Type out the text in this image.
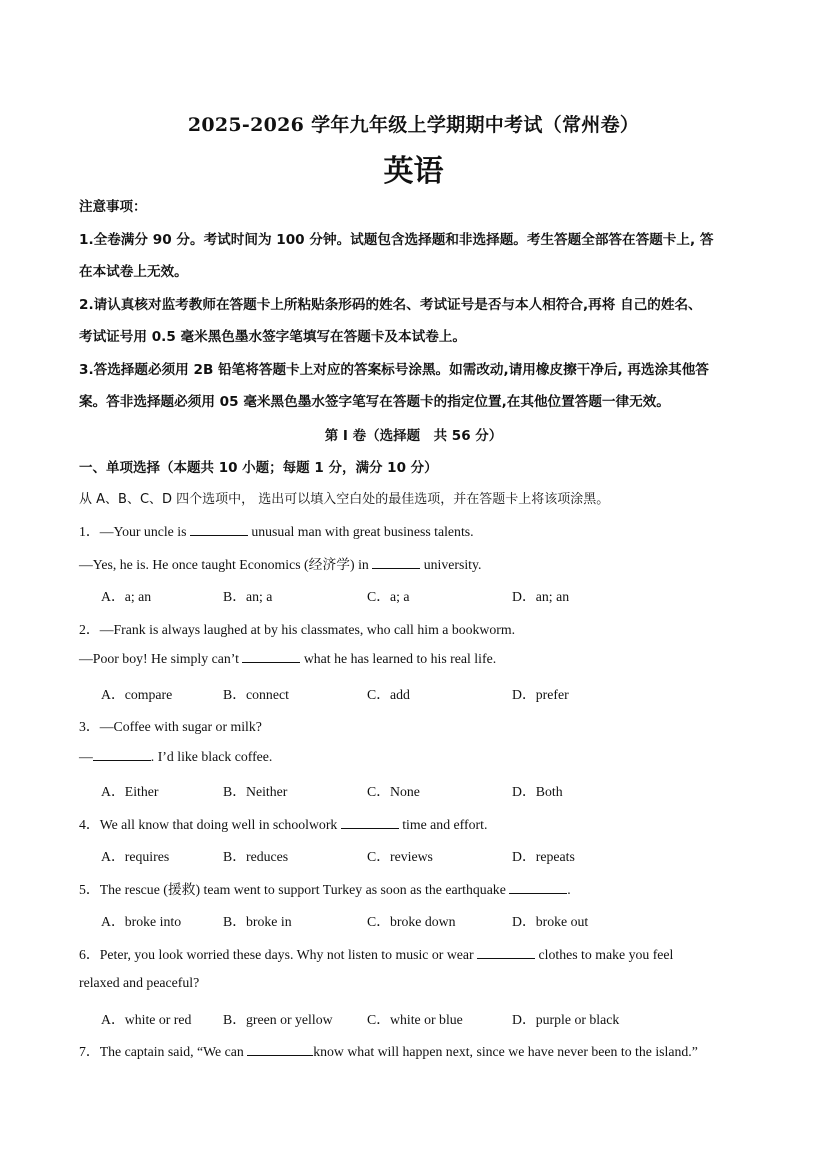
2025-2026 学年九年级上学期期中考试（常州卷）
英语
注意事项：
1.全卷满分 90 分。考试时间为 100 分钟。试题包含选择题和非选择题。考生答题全部答在答题卡上, 答
在本试卷上无效。
2.请认真核对监考教师在答题卡上所粘贴条形码的姓名、考试证号是否与本人相符合,再将 自己的姓名、
考试证号用 0.5 毫米黑色墨水签字笔填写在答题卡及本试卷上。
3.答选择题必须用 2B 铅笔将答题卡上对应的答案标号涂黑。如需改动,请用橡皮擦干净后, 再选涂其他答
案。答非选择题必须用 05 毫米黑色墨水签字笔写在答题卡的指定位置,在其他位置答题一律无效。
第 I 卷（选择题　共 56 分）
一、单项选择（本题共 10 小题；每题 1 分，满分 10 分）
从 A、B、C、D 四个选项中， 选出可以填入空白处的最佳选项，并在答题卡上将该项涂黑。
1．—Your uncle is	unusual man with great business talents.
—Yes, he is. He once taught Economics (经济学) in	university.
A．a; an	B．an; a	C．a; a	D．an; an
2．—Frank is always laughed at by his classmates, who call him a bookworm.
—Poor boy! He simply can’t	what he has learned to his real life.
A．compare	B．connect	C．add	D．prefer
3．—Coffee with sugar or milk?
—	. I’d like black coffee.
A．Either	B．Neither	C．None	D．Both
4．We all know that doing well in schoolwork	time and effort.
A．requires	B．reduces	C．reviews	D．repeats
5．The rescue (援救) team went to support Turkey as soon as the earthquake	.
A．broke into	B．broke in	C．broke down	D．broke out
6．Peter, you look worried these days. Why not listen to music or wear	clothes to make you feel
relaxed and peaceful?
A．white or red B．green or yellow C．white or blue	D．purple or black
7．The captain said, “We can	know what will happen next, since we have never been to the island.”
